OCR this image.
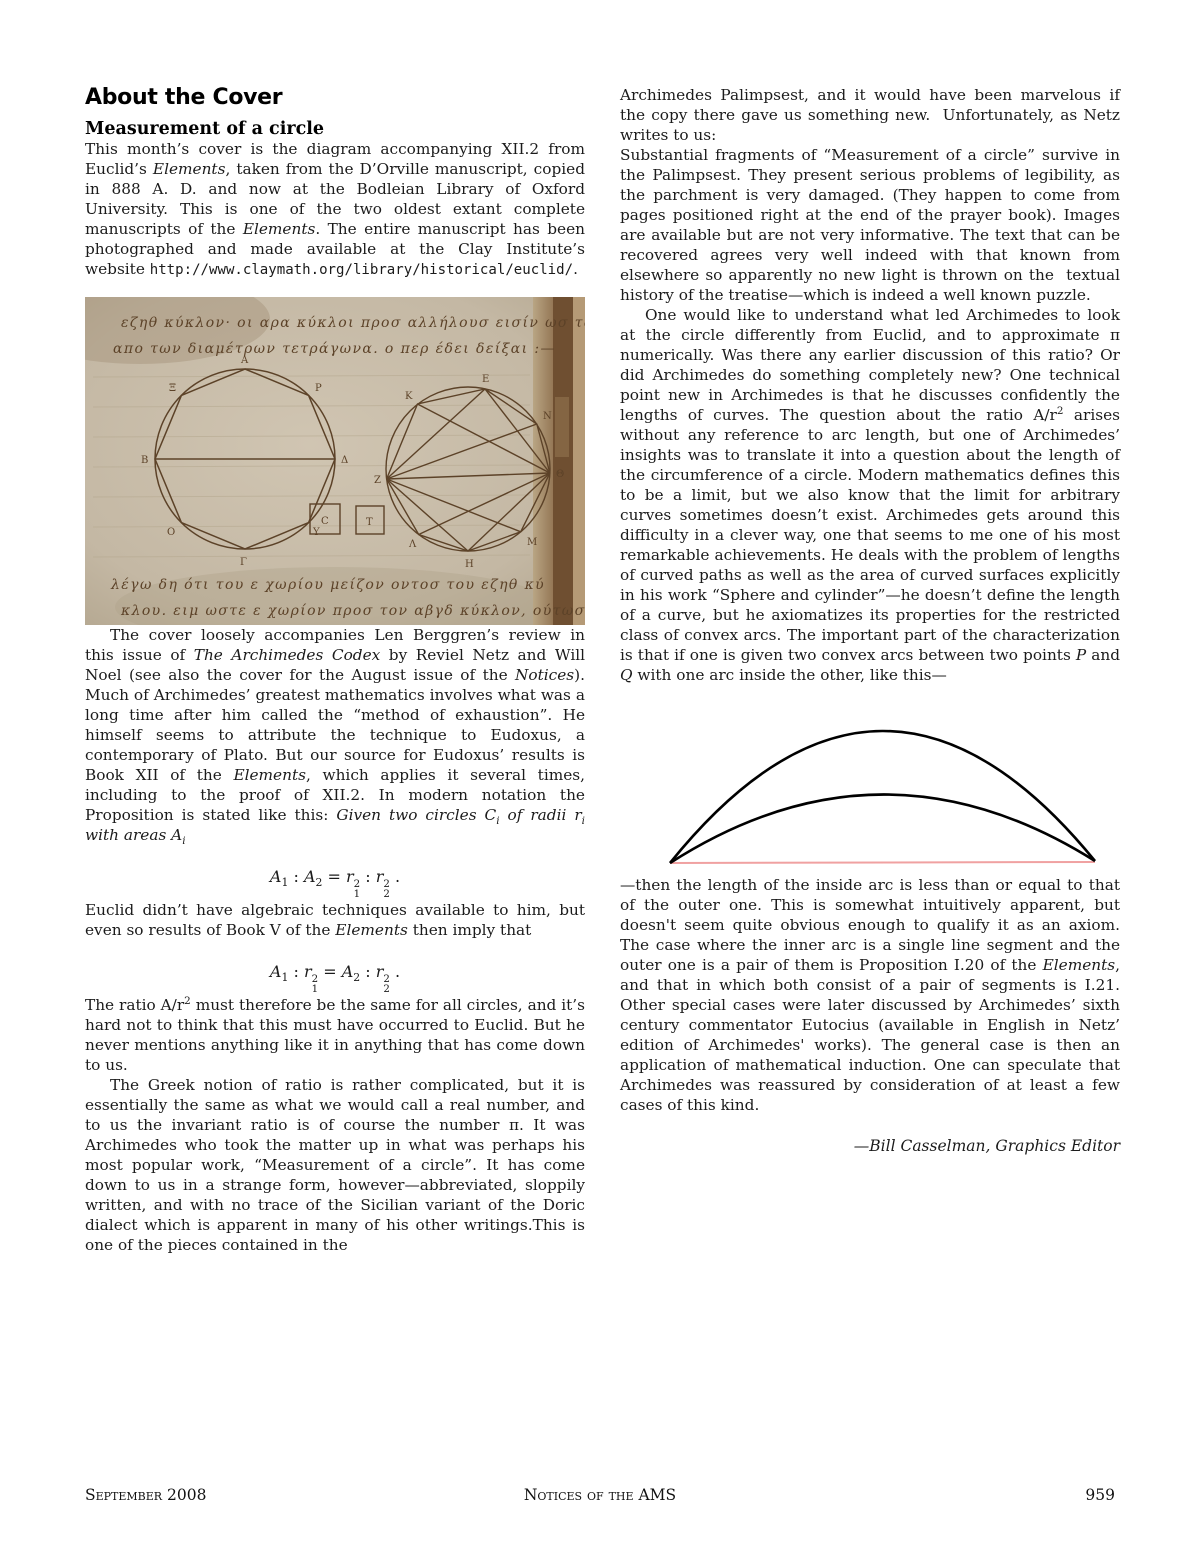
About the Cover
Measurement of a circle

This month’s cover is the diagram accompanying XII.2 from Euclid’s Elements, taken from the D’Orville manuscript, copied in 888 A. D. and now at the Bodleian Library of Oxford University. This is one of the two oldest extant complete manuscripts of the Elements. The entire manuscript has been photographed and made available at the Clay Institute’s website http://www.claymath.org/library/historical/euclid/.

εζηθ κύκλον· οι αρα κύκλοι προσ αλλήλουσ εισίν ωσ τα
απο των διαμέτρων τετράγωνα. ο περ έδει δείξαι :—
Α
Ξ	Ρ
Β	Δ
Ο	Υ
Γ
Ε
Κ
Ν
Ζ
Θ
Λ	Μ
Η
C	T
λέγω δη ότι του ε χωρίου μείζον οντοσ του εζηθ κύ
κλου. ειμ ωστε ε χωρίον προσ τον αβγδ κύκλον, ούτωσ

The cover loosely accompanies Len Berggren’s review in this issue of The Archimedes Codex by Reviel Netz and Will Noel (see also the cover for the August issue of the Notices). Much of Archimedes’ greatest mathematics involves what was a long time after him called the “method of exhaustion”. He himself seems to attribute the technique to Eudoxus, a contemporary of Plato. But our source for Eudoxus’ results is Book XII of the Elements, which applies it several times, including to the proof of XII.2. In modern notation the Proposition is stated like this: Given two circles $C_i$ of radii $r_i$ with areas $A_i$

$A_1$ : $A_2 = r$ 2
1
: r 2
2
.

Euclid didn’t have algebraic techniques available to him, but even so results of Book V of the Elements then imply that

$A_1$ : r 2
1
= $A_2$ : r 2
2
.

The ratio $A/r^2$ must therefore be the same for all circles, and it’s hard not to think that this must have occurred to Euclid. But he never mentions anything like it in anything that has come down to us.

The Greek notion of ratio is rather complicated, but it is essentially the same as what we would call a real number, and to us the invariant ratio is of course the number π. It was Archimedes who took the matter up in what was perhaps his most popular work, “Measurement of a circle”. It has come down to us in a strange form, however—abbreviated, sloppily written, and with no trace of the Sicilian variant of the Doric dialect which is apparent in many of his other writings.This is one of the pieces contained in the

Archimedes Palimpsest, and it would have been marvelous if the copy there gave us something new.  Unfortunately, as Netz writes to us:

Substantial fragments of “Measurement of a circle” survive in the Palimpsest. They present serious problems of legibility, as the parchment is very damaged. (They happen to come from pages positioned right at the end of the prayer book). Images are available but are not very informative. The text that can be recovered agrees very well indeed with that known from elsewhere so apparently no new light is thrown on the  textual history of the treatise—which is indeed a well known puzzle.

One would like to understand what led Archimedes to look at the circle differently from Euclid, and to approximate π numerically. Was there any earlier discussion of this ratio? Or did Archimedes do something completely new? One technical point new in Archimedes is that he discusses confidently the lengths of curves. The question about the ratio $A/r^2$ arises without any reference to arc length, but one of Archimedes’ insights was to translate it into a question about the length of the circumference of a circle. Modern mathematics defines this to be a limit, but we also know that the limit for arbitrary curves sometimes doesn’t exist. Archimedes gets around this difficulty in a clever way, one that seems to me one of his most remarkable achievements. He deals with the problem of lengths of curved paths as well as the area of curved surfaces explicitly in his work “Sphere and cylinder”—he doesn’t define the length of a curve, but he axiomatizes its properties for the restricted class of convex arcs. The important part of the characterization is that if one is given two convex arcs between two points P and Q with one arc inside the other, like this—

—then the length of the inside arc is less than or equal to that of the outer one. This is somewhat intuitively apparent, but doesn't seem quite obvious enough to qualify it as an axiom. The case where the inner arc is a single line segment and the outer one is a pair of them is Proposition I.20 of the Elements, and that in which both consist of a pair of segments is I.21. Other special cases were later discussed by Archimedes’ sixth century commentator Eutocius (available in English in Netz’ edition of Archimedes' works). The general case is then an application of mathematical induction. One can speculate that Archimedes was reassured by consideration of at least a few cases of this kind.

—Bill Casselman, Graphics Editor

September 2008	Notices of the AMS	959
